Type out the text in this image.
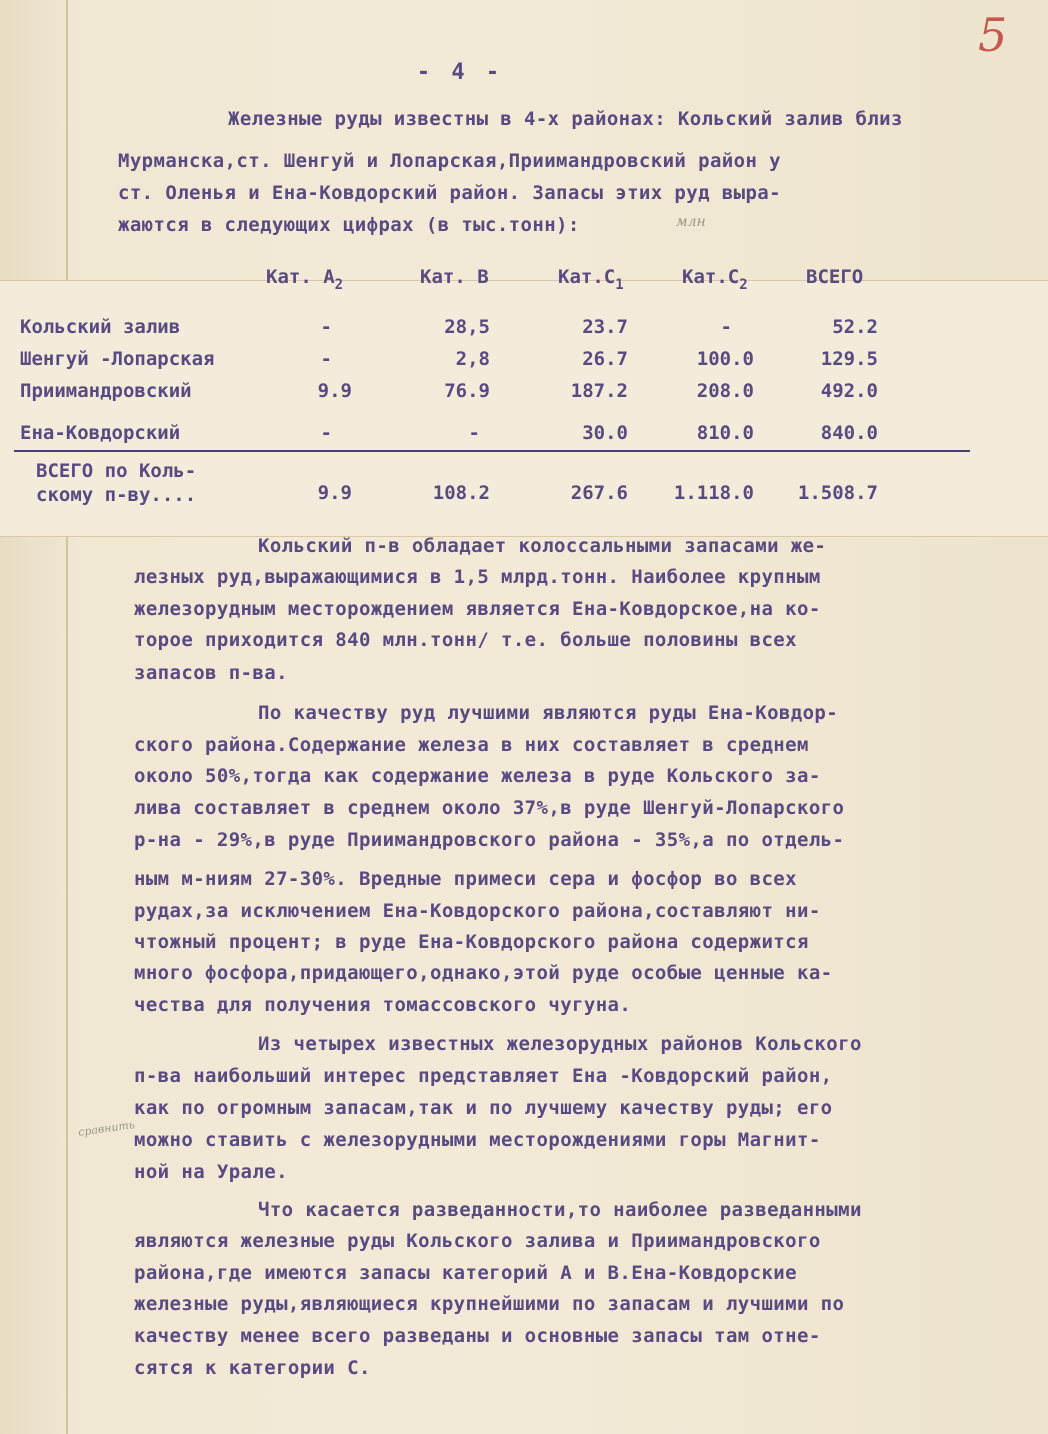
5
- 4 -
Железные руды известны в 4-х районах: Кольский залив близ
Мурманска,ст. Шенгуй и Лопарская,Приимандровский район у
ст. Оленья и Ена-Ковдорский район. Запасы этих руд выра-
жаются в следующих цифрах (в тыс.тонн):	млн
Кат. $А_2$	Кат. В	$Кат.С_1$	$Кат.С_2$	ВСЕГО
Кольский залив	-	28,5	23.7	-	52.2
Шенгуй -Лопарская	-	2,8	26.7	100.0	129.5
Приимандровский	9.9	76.9	187.2	208.0	492.0
Ена-Ковдорский	-	-	30.0	810.0	840.0
ВСЕГО по Коль-
скому п-ву....	9.9	108.2	267.6	1.118.0	1.508.7
Кольский п-в обладает колоссальными запасами же-
лезных руд,выражающимися в 1,5 млрд.тонн. Наиболее крупным
железорудным месторождением является Ена-Ковдорское,на ко-
торое приходится 840 млн.тонн/ т.е. больше половины всех
запасов п-ва.
По качеству руд лучшими являются руды Ена-Ковдор-
ского района.Содержание железа в них составляет в среднем
около 50%,тогда как содержание железа в руде Кольского за-
лива составляет в среднем около 37%,в руде Шенгуй-Лопарского
р-на - 29%,в руде Приимандровского района - 35%,а по отдель-
ным м-ниям 27-30%. Вредные примеси сера и фосфор во всех
рудах,за исключением Ена-Ковдорского района,составляют ни-
чтожный процент; в руде Ена-Ковдорского района содержится
много фосфора,придающего,однако,этой руде особые ценные ка-
чества для получения томассовского чугуна.
Из четырех известных железорудных районов Кольского
п-ва наибольший интерес представляет Ена -Ковдорский район,
как по огромным запасам,так и по лучшему качеству руды; его
можно ставить с железорудными месторождениями горы Магнит-
ной на Урале.
сравнить
Что касается разведанности,то наиболее разведанными
являются железные руды Кольского залива и Приимандровского
района,где имеются запасы категорий А и В.Ена-Ковдорские
железные руды,являющиеся крупнейшими по запасам и лучшими по
качеству менее всего разведаны и основные запасы там отне-
сятся к категории С.
